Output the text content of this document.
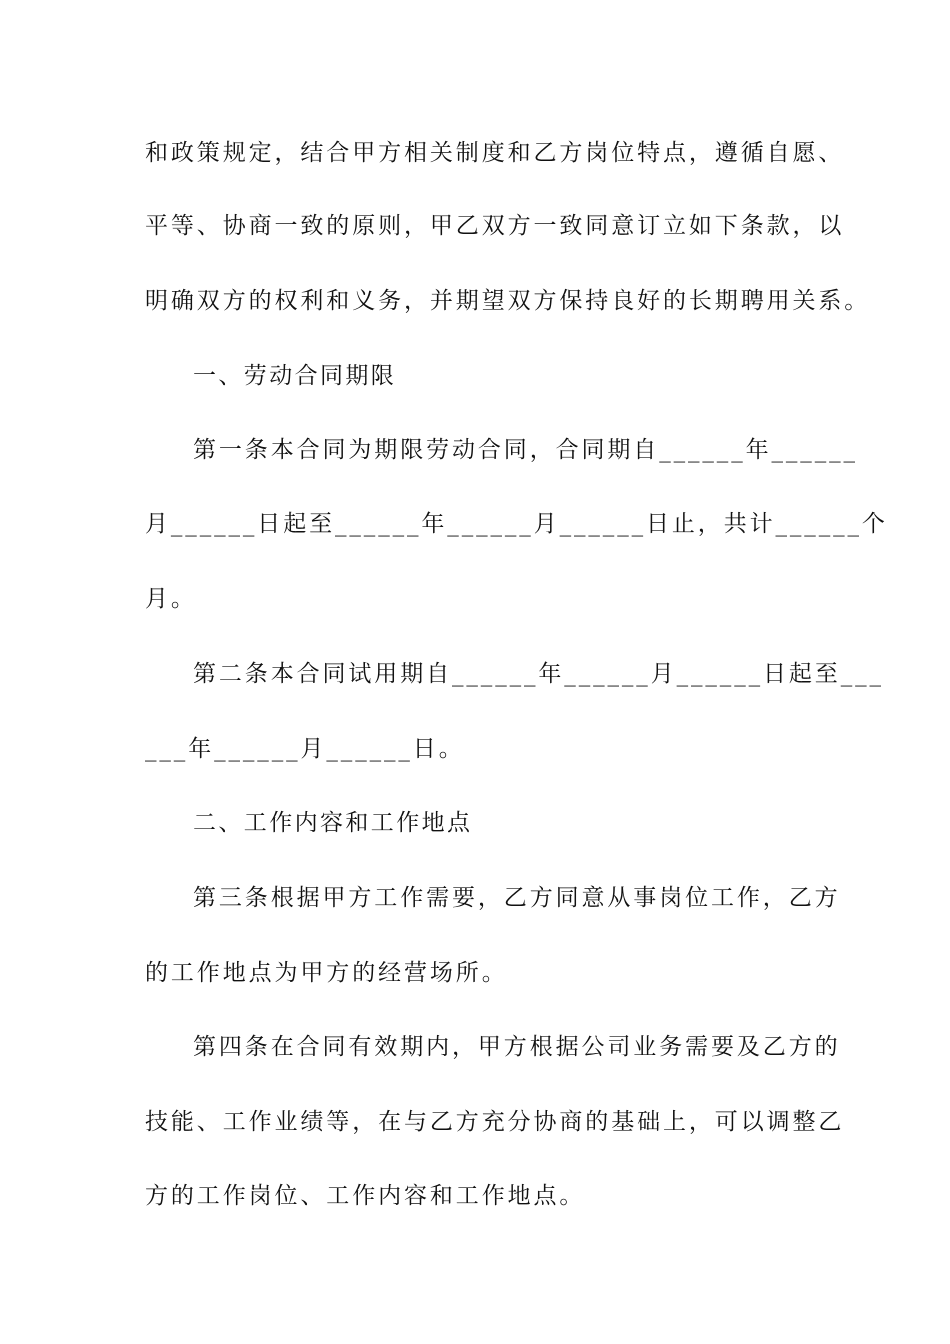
和政策规定，结合甲方相关制度和乙方岗位特点，遵循自愿、
平等、协商一致的原则，甲乙双方一致同意订立如下条款，以
明确双方的权利和义务，并期望双方保持良好的长期聘用关系。
一、劳动合同期限
第一条本合同为期限劳动合同，合同期自______年______
月______日起至______年______月______日止，共计______个
月。
第二条本合同试用期自______年______月______日起至___
___年______月______日。
二、工作内容和工作地点
第三条根据甲方工作需要，乙方同意从事岗位工作，乙方
的工作地点为甲方的经营场所。
第四条在合同有效期内，甲方根据公司业务需要及乙方的
技能、工作业绩等，在与乙方充分协商的基础上，可以调整乙
方的工作岗位、工作内容和工作地点。
